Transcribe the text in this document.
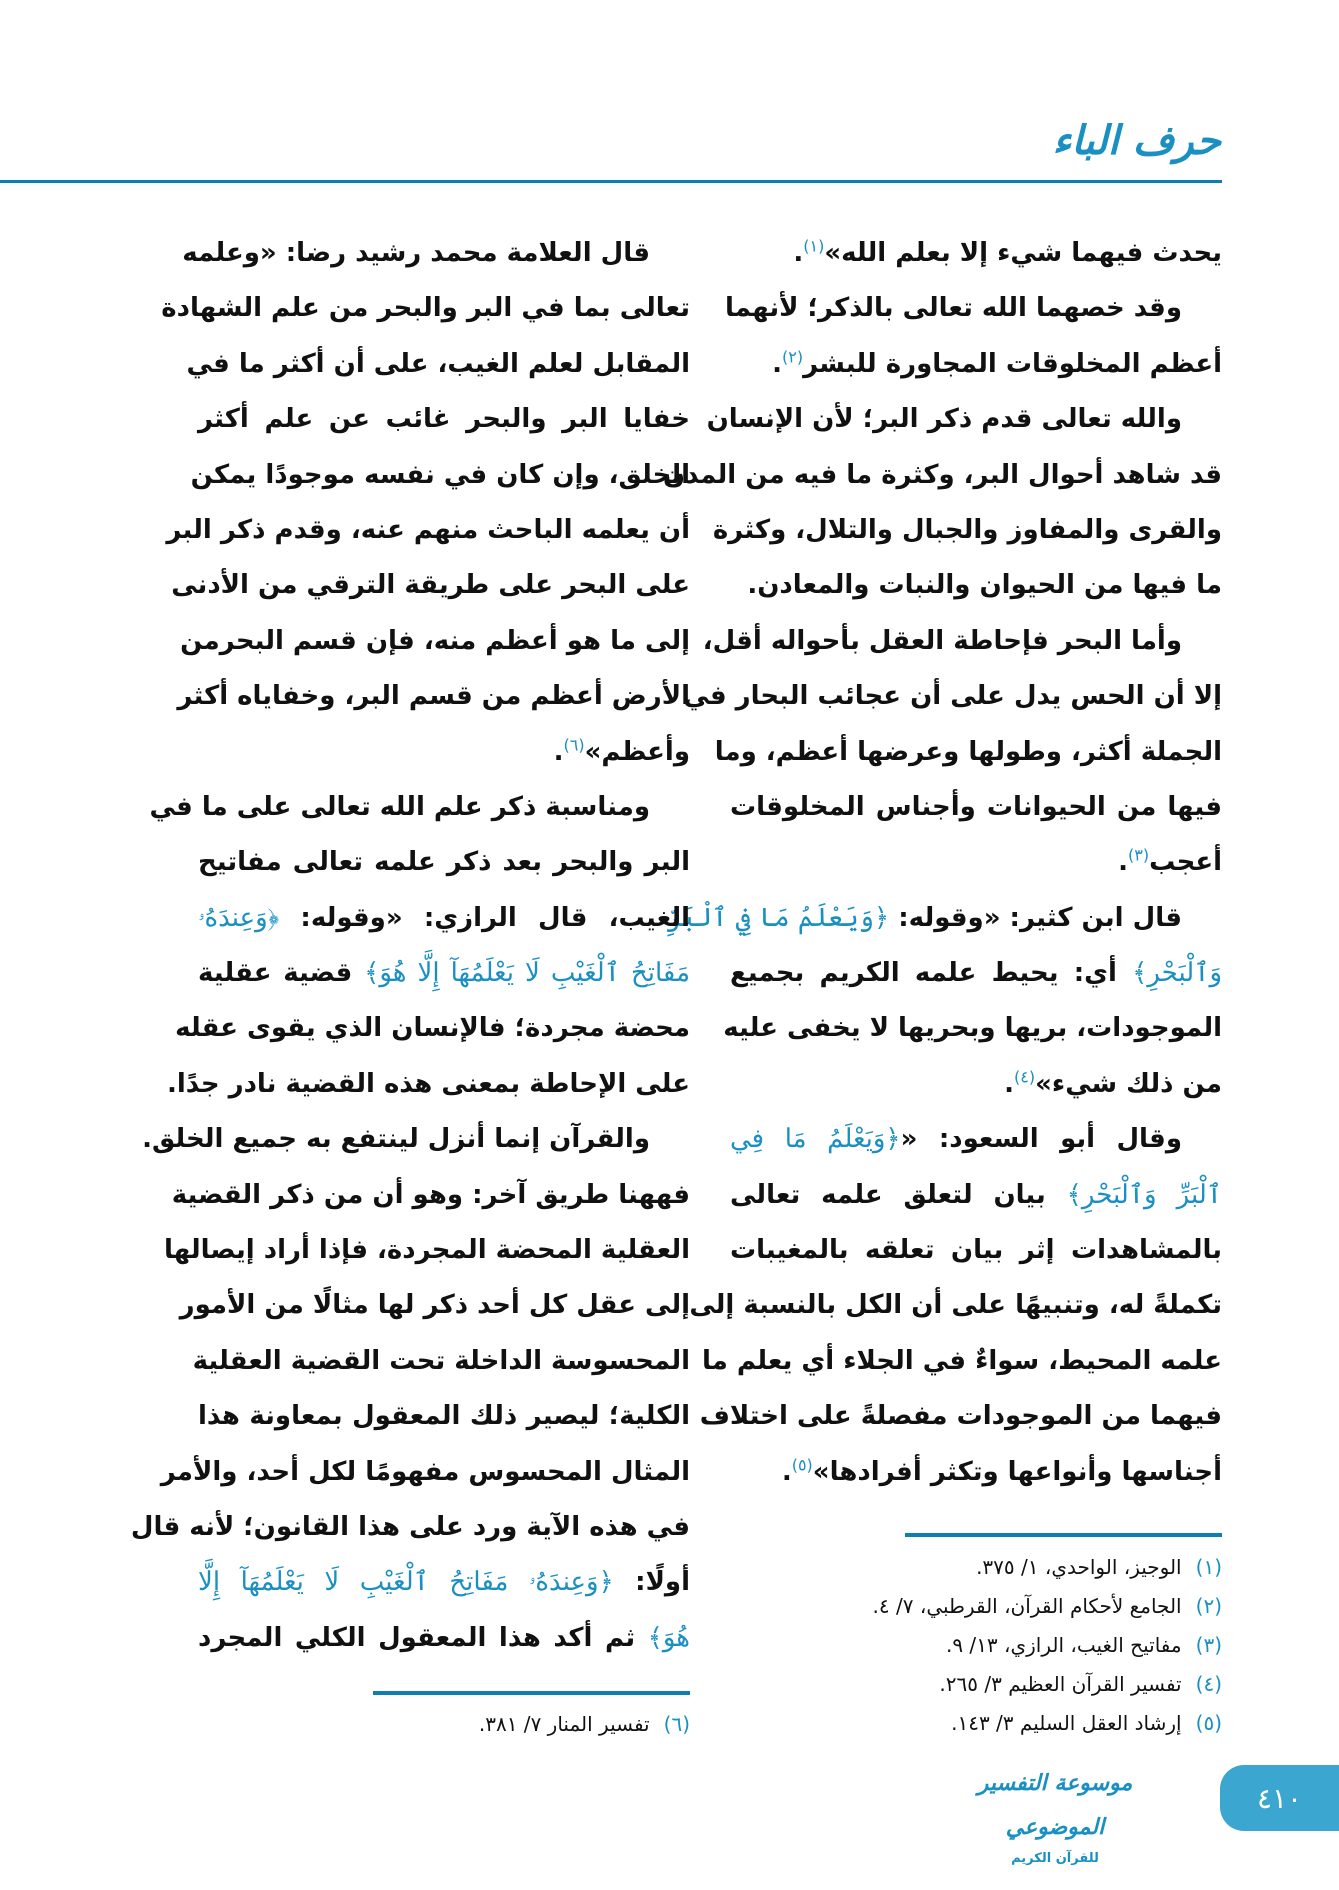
حرف الباء
يحدث فيهما شيء إلا بعلم الله»$^{(١)}$.
وقد خصهما الله تعالى بالذكر؛ لأنهما
أعظم المخلوقات المجاورة للبشر$^{(٢)}$.
والله تعالى قدم ذكر البر؛ لأن الإنسان
قد شاهد أحوال البر، وكثرة ما فيه من المدن
والقرى والمفاوز والجبال والتلال، وكثرة
ما فيها من الحيوان والنبات والمعادن.
وأما البحر فإحاطة العقل بأحواله أقل،
إلا أن الحس يدل على أن عجائب البحار في
الجملة أكثر، وطولها وعرضها أعظم، وما
فيها من الحيوانات وأجناس المخلوقات
أعجب$^{(٣)}$.
قال ابن كثير: «وقوله: ﴿وَيَعْلَمُ مَا فِي ٱلْبَرِّ
وَٱلْبَحْرِ﴾ أي: يحيط علمه الكريم بجميع
الموجودات، بريها وبحريها لا يخفى عليه
من ذلك شيء»$^{(٤)}$.
وقال أبو السعود: «﴿وَيَعْلَمُ مَا فِي
ٱلْبَرِّ وَٱلْبَحْرِ﴾ بيان لتعلق علمه تعالى
بالمشاهدات إثر بيان تعلقه بالمغيبات
تكملةً له، وتنبيهًا على أن الكل بالنسبة إلى
علمه المحيط، سواءٌ في الجلاء أي يعلم ما
فيهما من الموجودات مفصلةً على اختلاف
أجناسها وأنواعها وتكثر أفرادها»$^{(٥)}$.
قال العلامة محمد رشيد رضا: «وعلمه
تعالى بما في البر والبحر من علم الشهادة
المقابل لعلم الغيب، على أن أكثر ما في
خفايا البر والبحر غائب عن علم أكثر
الخلق، وإن كان في نفسه موجودًا يمكن
أن يعلمه الباحث منهم عنه، وقدم ذكر البر
على البحر على طريقة الترقي من الأدنى
إلى ما هو أعظم منه، فإن قسم البحرمن
الأرض أعظم من قسم البر، وخفاياه أكثر
وأعظم»$^{(٦)}$.
ومناسبة ذكر علم الله تعالى على ما في
البر والبحر بعد ذكر علمه تعالى مفاتيح
الغيب، قال الرازي: «وقوله: ﴿وَعِندَهُۥ
مَفَاتِحُ ٱلْغَيْبِ لَا يَعْلَمُهَآ إِلَّا هُوَ﴾ قضية عقلية
محضة مجردة؛ فالإنسان الذي يقوى عقله
على الإحاطة بمعنى هذه القضية نادر جدًا.
والقرآن إنما أنزل لينتفع به جميع الخلق.
فههنا طريق آخر: وهو أن من ذكر القضية
العقلية المحضة المجردة، فإذا أراد إيصالها
إلى عقل كل أحد ذكر لها مثالًا من الأمور
المحسوسة الداخلة تحت القضية العقلية
الكلية؛ ليصير ذلك المعقول بمعاونة هذا
المثال المحسوس مفهومًا لكل أحد، والأمر
في هذه الآية ورد على هذا القانون؛ لأنه قال
أولًا: ﴿وَعِندَهُۥ مَفَاتِحُ ٱلْغَيْبِ لَا يَعْلَمُهَآ إِلَّا
هُوَ﴾ ثم أكد هذا المعقول الكلي المجرد
(١)الوجيز، الواحدي، ١/ ٣٧٥.
(٢)الجامع لأحكام القرآن، القرطبي، ٧/ ٤.
(٣)مفاتيح الغيب، الرازي، ١٣/ ٩.
(٤)تفسير القرآن العظيم ٣/ ٢٦٥.
(٥)إرشاد العقل السليم ٣/ ١٤٣.
(٦)تفسير المنار ٧/ ٣٨١.
موسوعة التفسير الموضوعي
للقرآن الكريم
٤١٠
